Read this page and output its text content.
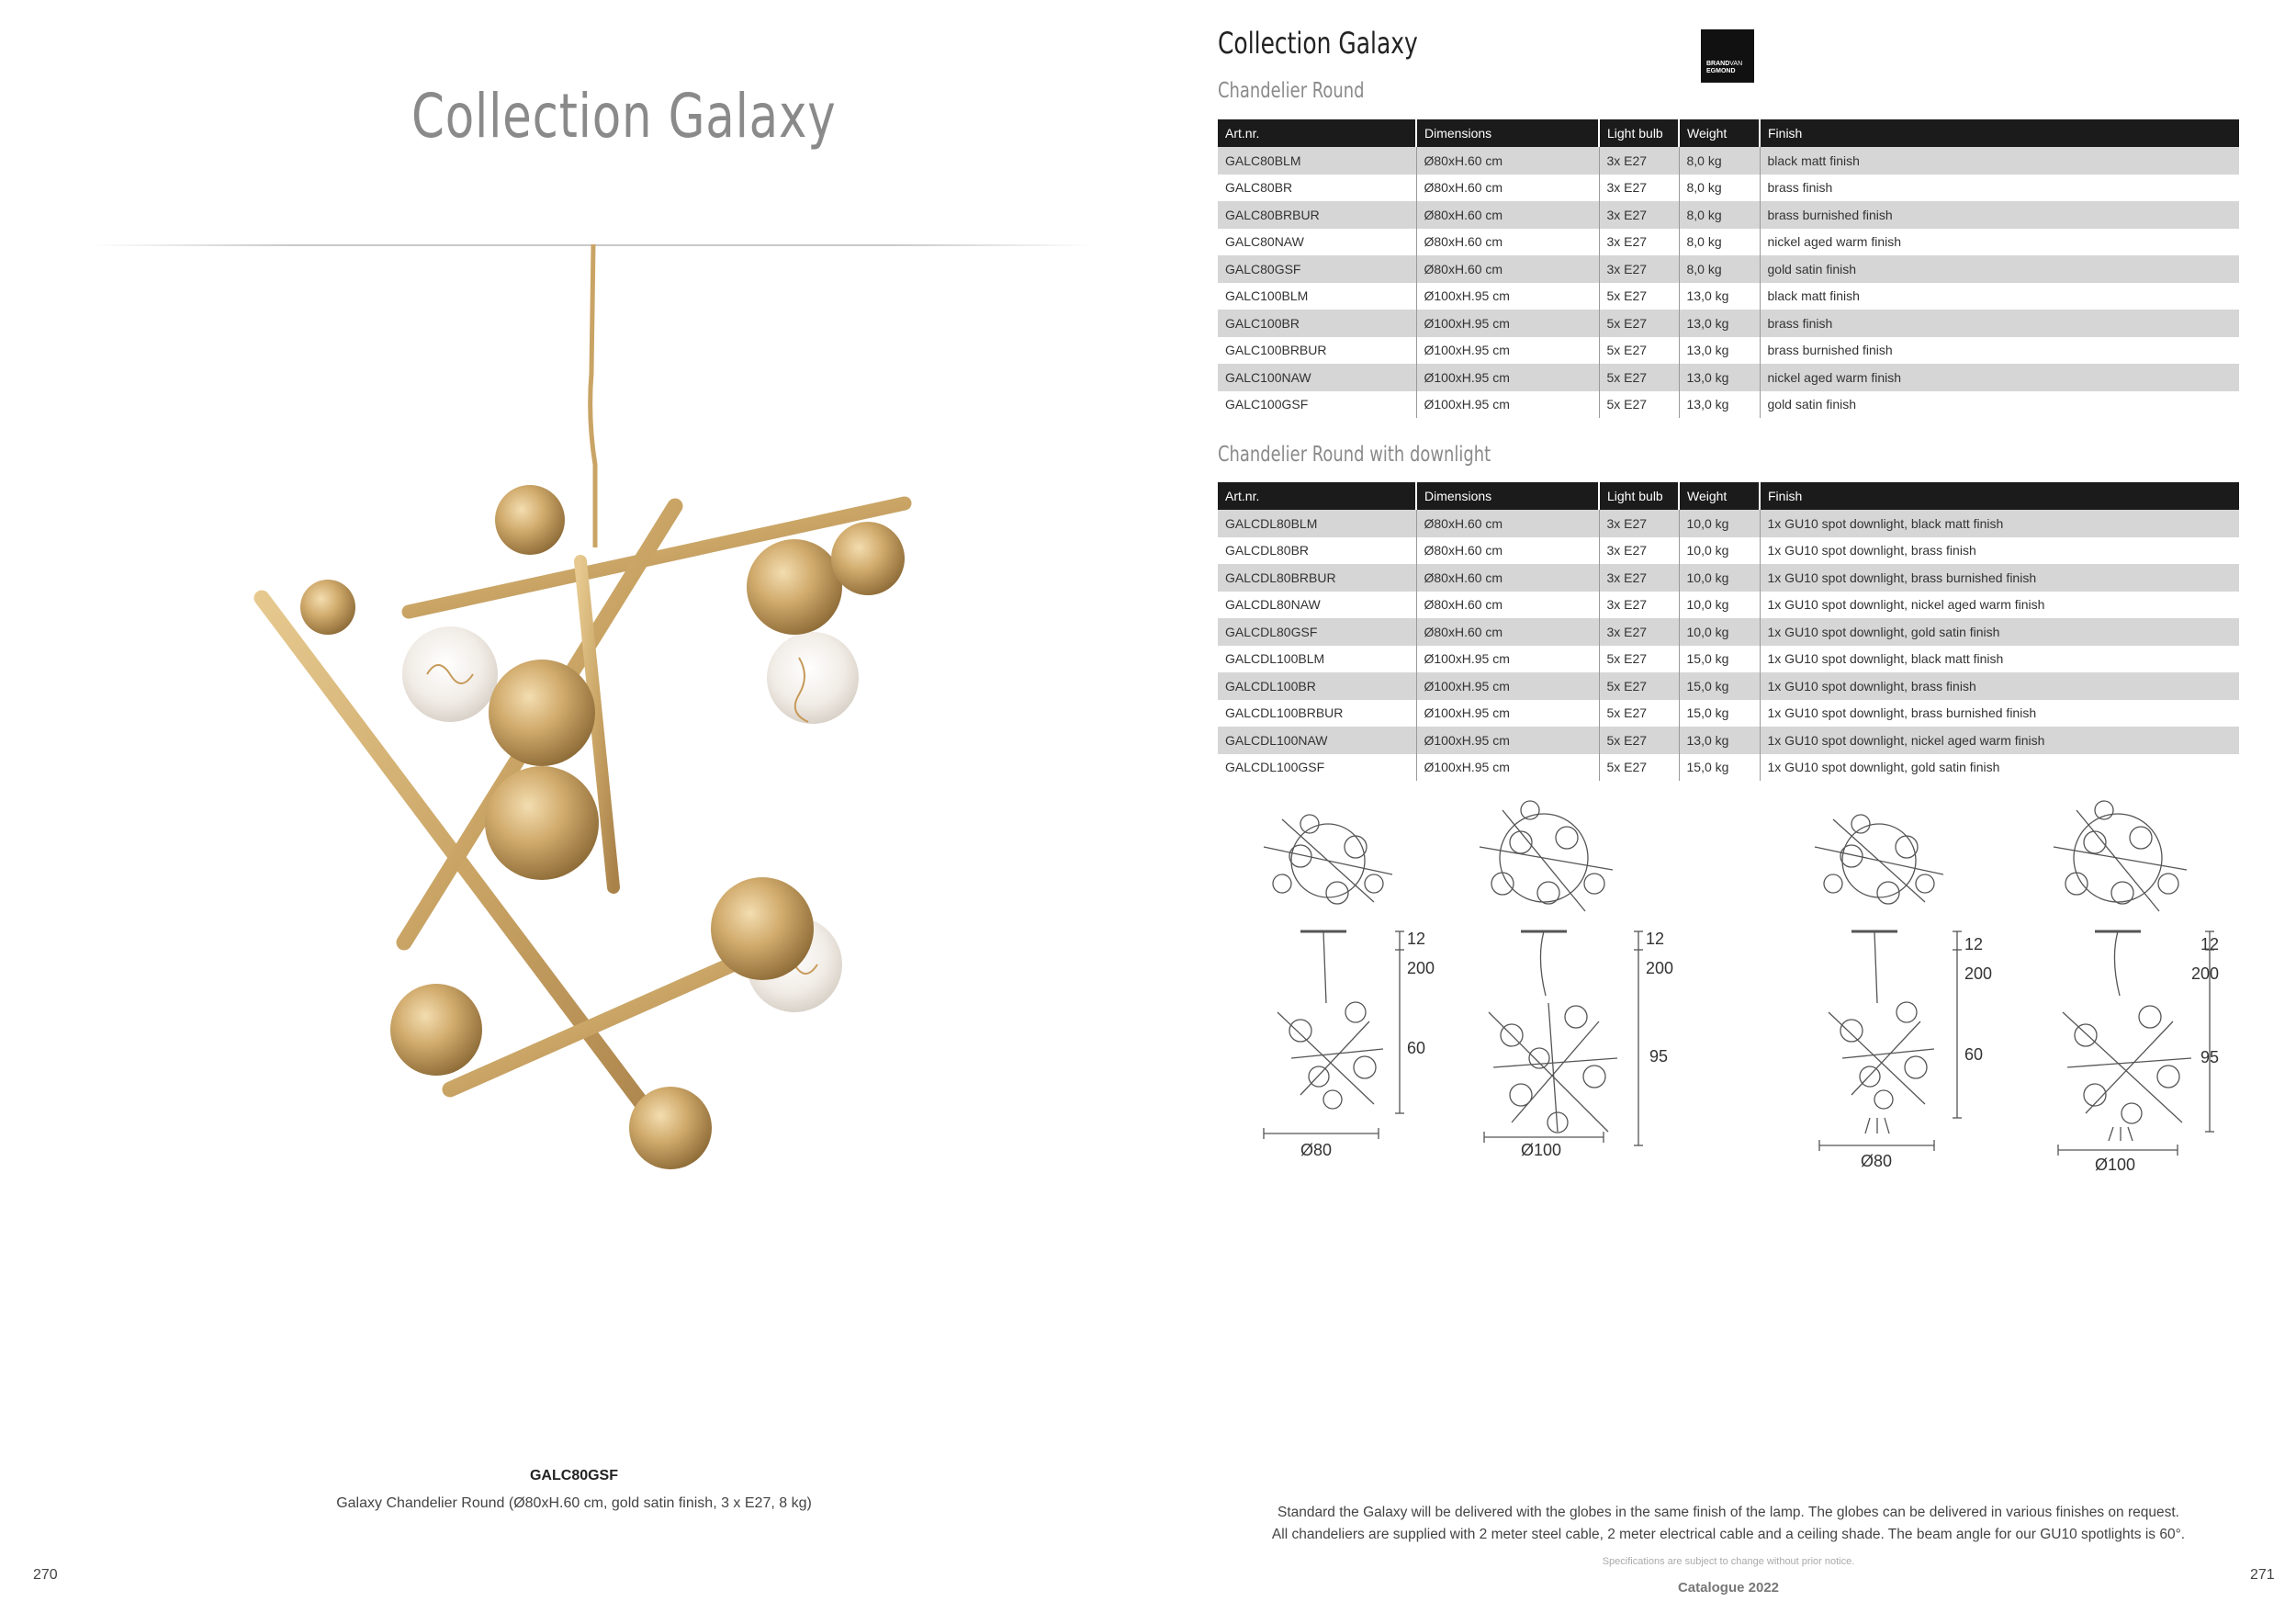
Collection Galaxy
GALC80GSF
Galaxy Chandelier Round (Ø80xH.60 cm, gold satin finish, 3 x E27, 8 kg)
270
Collection Galaxy
BRANDVAN
EGMOND
Chandelier Round
Art.nr.	Dimensions	Light bulb	Weight	Finish
GALC80BLM	Ø80xH.60 cm	3x E27	8,0 kg	black matt finish
GALC80BR	Ø80xH.60 cm	3x E27	8,0 kg	brass finish
GALC80BRBUR	Ø80xH.60 cm	3x E27	8,0 kg	brass burnished finish
GALC80NAW	Ø80xH.60 cm	3x E27	8,0 kg	nickel aged warm finish
GALC80GSF	Ø80xH.60 cm	3x E27	8,0 kg	gold satin finish
GALC100BLM	Ø100xH.95 cm	5x E27	13,0 kg	black matt finish
GALC100BR	Ø100xH.95 cm	5x E27	13,0 kg	brass finish
GALC100BRBUR	Ø100xH.95 cm	5x E27	13,0 kg	brass burnished finish
GALC100NAW	Ø100xH.95 cm	5x E27	13,0 kg	nickel aged warm finish
GALC100GSF	Ø100xH.95 cm	5x E27	13,0 kg	gold satin finish
Chandelier Round with downlight
Art.nr.	Dimensions	Light bulb	Weight	Finish
GALCDL80BLM	Ø80xH.60 cm	3x E27	10,0 kg	1x GU10 spot downlight, black matt finish
GALCDL80BR	Ø80xH.60 cm	3x E27	10,0 kg	1x GU10 spot downlight, brass finish
GALCDL80BRBUR	Ø80xH.60 cm	3x E27	10,0 kg	1x GU10 spot downlight, brass burnished finish
GALCDL80NAW	Ø80xH.60 cm	3x E27	10,0 kg	1x GU10 spot downlight, nickel aged warm finish
GALCDL80GSF	Ø80xH.60 cm	3x E27	10,0 kg	1x GU10 spot downlight, gold satin finish
GALCDL100BLM	Ø100xH.95 cm	5x E27	15,0 kg	1x GU10 spot downlight, black matt finish
GALCDL100BR	Ø100xH.95 cm	5x E27	15,0 kg	1x GU10 spot downlight, brass finish
GALCDL100BRBUR	Ø100xH.95 cm	5x E27	15,0 kg	1x GU10 spot downlight, brass burnished finish
GALCDL100NAW	Ø100xH.95 cm	5x E27	13,0 kg	1x GU10 spot downlight, nickel aged warm finish
GALCDL100GSF	Ø100xH.95 cm	5x E27	15,0 kg	1x GU10 spot downlight, gold satin finish
12
200
60
Ø80
12
200
95
Ø100
12
200
60
Ø80
12
200
95
Ø100
Standard the Galaxy will be delivered with the globes in the same finish of the lamp. The globes can be delivered in various finishes on request.
All chandeliers are supplied with 2 meter steel cable, 2 meter electrical cable and a ceiling shade. The beam angle for our GU10 spotlights is 60°.
Specifications are subject to change without prior notice.
Catalogue 2022
271
